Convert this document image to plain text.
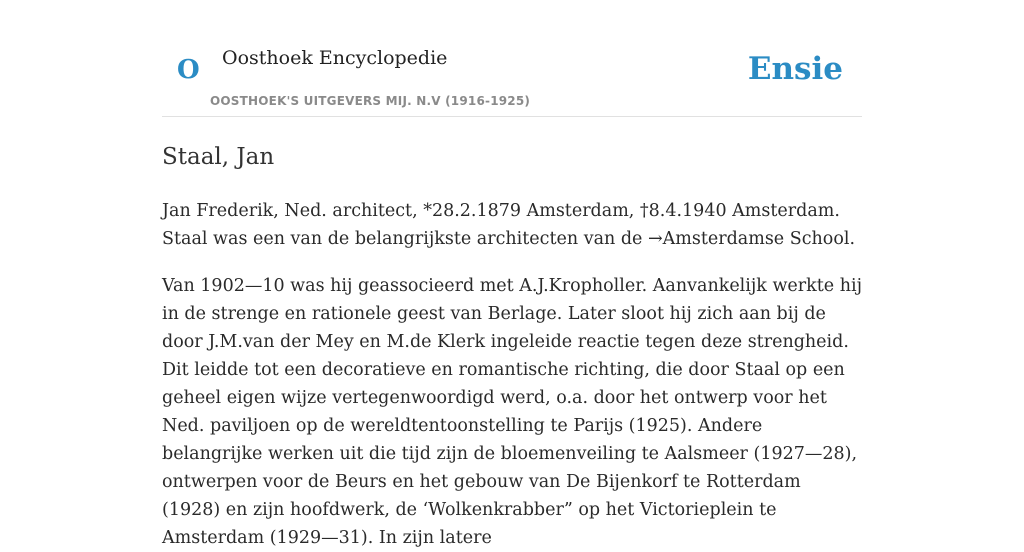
O Oosthoek Encyclopedie
OOSTHOEK'S UITGEVERS MIJ. N.V (1916-1925)
Ensie
Staal, Jan

Jan Frederik, Ned. architect, *28.2.1879 Amsterdam, †8.4.1940 Amsterdam. Staal was een van de belangrijkste architecten van de →Amsterdamse School.

Van 1902—10 was hij geassocieerd met A.J.Kropholler. Aanvankelijk werkte hij in de strenge en rationele geest van Berlage. Later sloot hij zich aan bij de door J.M.van der Mey en M.de Klerk ingeleide reactie tegen deze strengheid. Dit leidde tot een decoratieve en romantische richting, die door Staal op een geheel eigen wijze vertegenwoordigd werd, o.a. door het ontwerp voor het Ned. paviljoen op de wereldtentoonstelling te Parijs (1925). Andere belangrijke werken uit die tijd zijn de bloemenveiling te Aalsmeer (1927—28), ontwerpen voor de Beurs en het gebouw van De Bijenkorf te Rotterdam (1928) en zijn hoofdwerk, de ‘Wolkenkrabber” op het Victorieplein te Amsterdam (1929—31). In zijn latere
